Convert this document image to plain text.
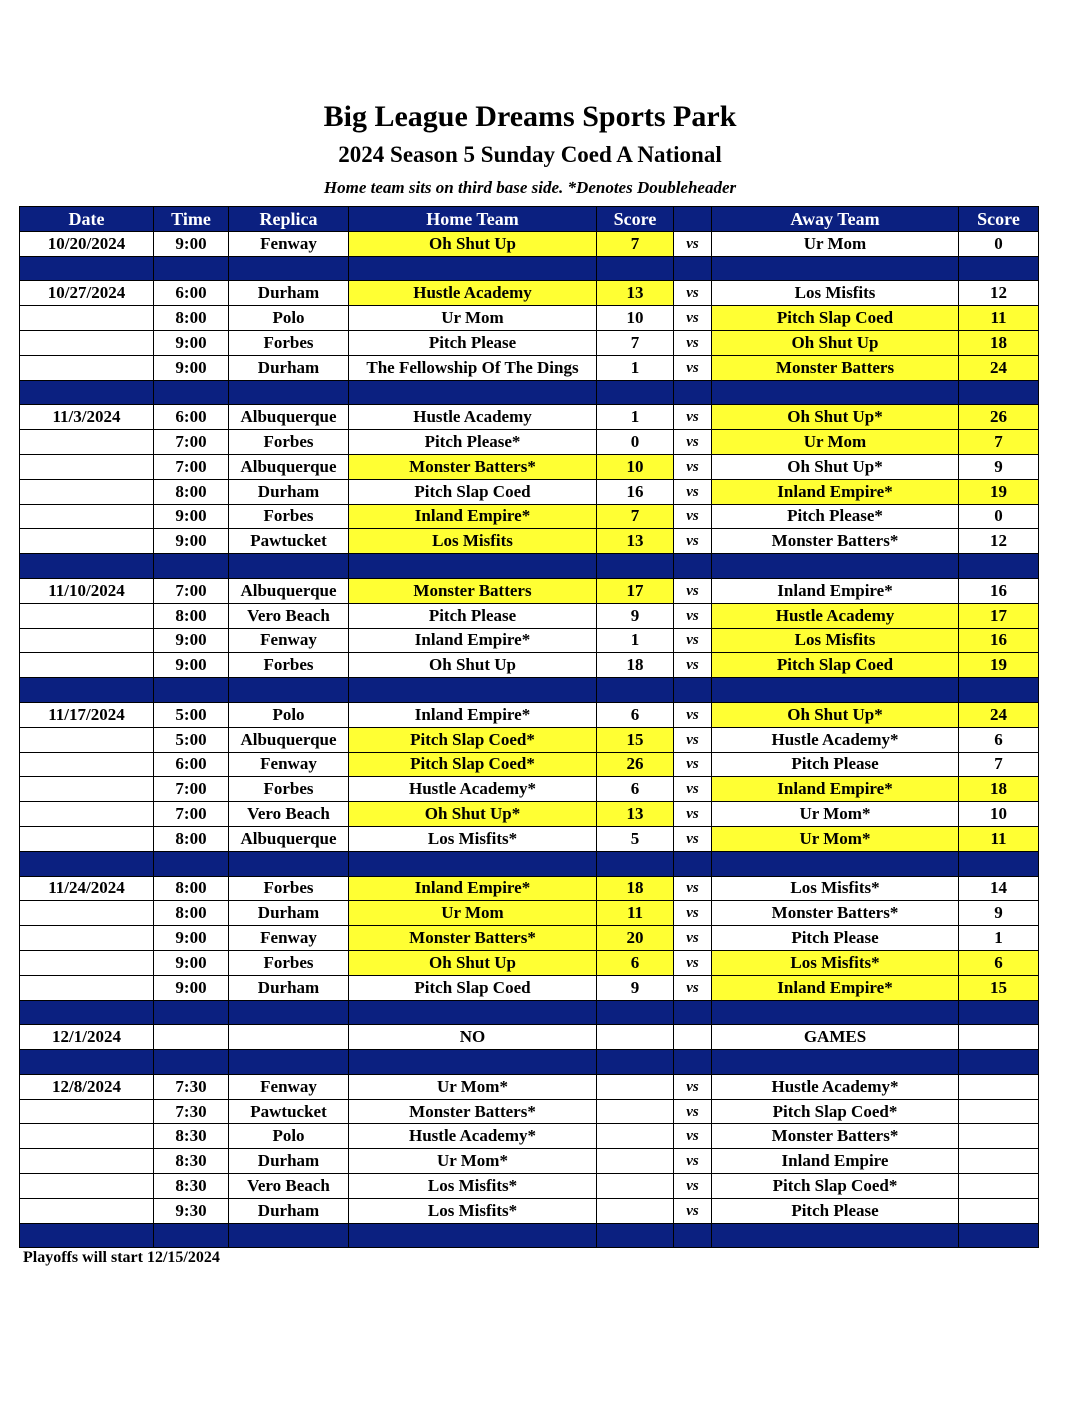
Big League Dreams Sports Park
2024 Season 5 Sunday Coed A National
Home team sits on third base side. *Denotes Doubleheader
Date	Time	Replica	Home Team	Score		Away Team	Score
10/20/2024	9:00	Fenway	Oh Shut Up	7	vs	Ur Mom	0

10/27/2024	6:00	Durham	Hustle Academy	13	vs	Los Misfits	12
	8:00	Polo	Ur Mom	10	vs	Pitch Slap Coed	11
	9:00	Forbes	Pitch Please	7	vs	Oh Shut Up	18
	9:00	Durham	The Fellowship Of The Dings	1	vs	Monster Batters	24

11/3/2024	6:00	Albuquerque	Hustle Academy	1	vs	Oh Shut Up*	26
	7:00	Forbes	Pitch Please*	0	vs	Ur Mom	7
	7:00	Albuquerque	Monster Batters*	10	vs	Oh Shut Up*	9
	8:00	Durham	Pitch Slap Coed	16	vs	Inland Empire*	19
	9:00	Forbes	Inland Empire*	7	vs	Pitch Please*	0
	9:00	Pawtucket	Los Misfits	13	vs	Monster Batters*	12

11/10/2024	7:00	Albuquerque	Monster Batters	17	vs	Inland Empire*	16
	8:00	Vero Beach	Pitch Please	9	vs	Hustle Academy	17
	9:00	Fenway	Inland Empire*	1	vs	Los Misfits	16
	9:00	Forbes	Oh Shut Up	18	vs	Pitch Slap Coed	19

11/17/2024	5:00	Polo	Inland Empire*	6	vs	Oh Shut Up*	24
	5:00	Albuquerque	Pitch Slap Coed*	15	vs	Hustle Academy*	6
	6:00	Fenway	Pitch Slap Coed*	26	vs	Pitch Please	7
	7:00	Forbes	Hustle Academy*	6	vs	Inland Empire*	18
	7:00	Vero Beach	Oh Shut Up*	13	vs	Ur Mom*	10
	8:00	Albuquerque	Los Misfits*	5	vs	Ur Mom*	11

11/24/2024	8:00	Forbes	Inland Empire*	18	vs	Los Misfits*	14
	8:00	Durham	Ur Mom	11	vs	Monster Batters*	9
	9:00	Fenway	Monster Batters*	20	vs	Pitch Please	1
	9:00	Forbes	Oh Shut Up	6	vs	Los Misfits*	6
	9:00	Durham	Pitch Slap Coed	9	vs	Inland Empire*	15

12/1/2024			NO			GAMES	

12/8/2024	7:30	Fenway	Ur Mom*		vs	Hustle Academy*	
	7:30	Pawtucket	Monster Batters*		vs	Pitch Slap Coed*	
	8:30	Polo	Hustle Academy*		vs	Monster Batters*	
	8:30	Durham	Ur Mom*		vs	Inland Empire	
	8:30	Vero Beach	Los Misfits*		vs	Pitch Slap Coed*	
	9:30	Durham	Los Misfits*		vs	Pitch Please	

Playoffs will start 12/15/2024
